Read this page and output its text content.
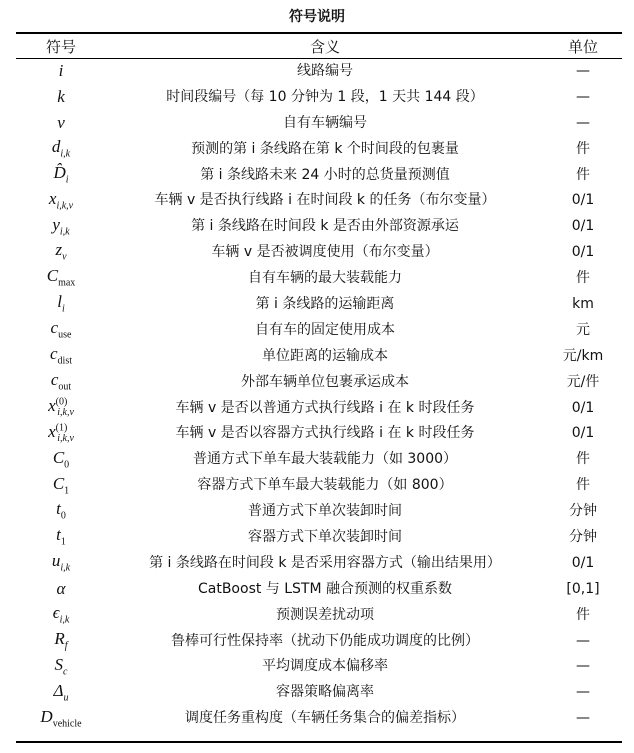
符号说明
符号	含义	单位
i	线路编号	—
k	时间段编号（每 10 分钟为 1 段，1 天共 144 段）	—
v	自有车辆编号	—
$d_{i,k}$	预测的第 i 条线路在第 k 个时间段的包裹量	件
$D̂_i$	第 i 条线路未来 24 小时的总货量预测值	件
$x_{i,k,v}$	车辆 v 是否执行线路 i 在时间段 k 的任务（布尔变量）	0/1
$y_{i,k}$	第 i 条线路在时间段 k 是否由外部资源承运	0/1
$z_v$	车辆 v 是否被调度使用（布尔变量）	0/1
$C_{max}$	自有车辆的最大装载能力	件
$l_i$	第 i 条线路的运输距离	km
$c_{use}$	自有车的固定使用成本	元
$c_{dist}$	单位距离的运输成本	元/km
$c_{out}$	外部车辆单位包裹承运成本	元/件
$x^{(0)}_{i,k,v}$	车辆 v 是否以普通方式执行线路 i 在 k 时段任务	0/1
$x^{(1)}_{i,k,v}$	车辆 v 是否以容器方式执行线路 i 在 k 时段任务	0/1
$C_0$	普通方式下单车最大装载能力（如 3000）	件
$C_1$	容器方式下单车最大装载能力（如 800）	件
$t_0$	普通方式下单次装卸时间	分钟
$t_1$	容器方式下单次装卸时间	分钟
$u_{i,k}$	第 i 条线路在时间段 k 是否采用容器方式（输出结果用）	0/1
α	CatBoost 与 LSTM 融合预测的权重系数	[0,1]
$\epsilon_{i,k}$	预测误差扰动项	件
$R_f$	鲁棒可行性保持率（扰动下仍能成功调度的比例）	—
$S_c$	平均调度成本偏移率	—
$\Delta_u$	容器策略偏离率	—
$D_{vehicle}$	调度任务重构度（车辆任务集合的偏差指标）	—
